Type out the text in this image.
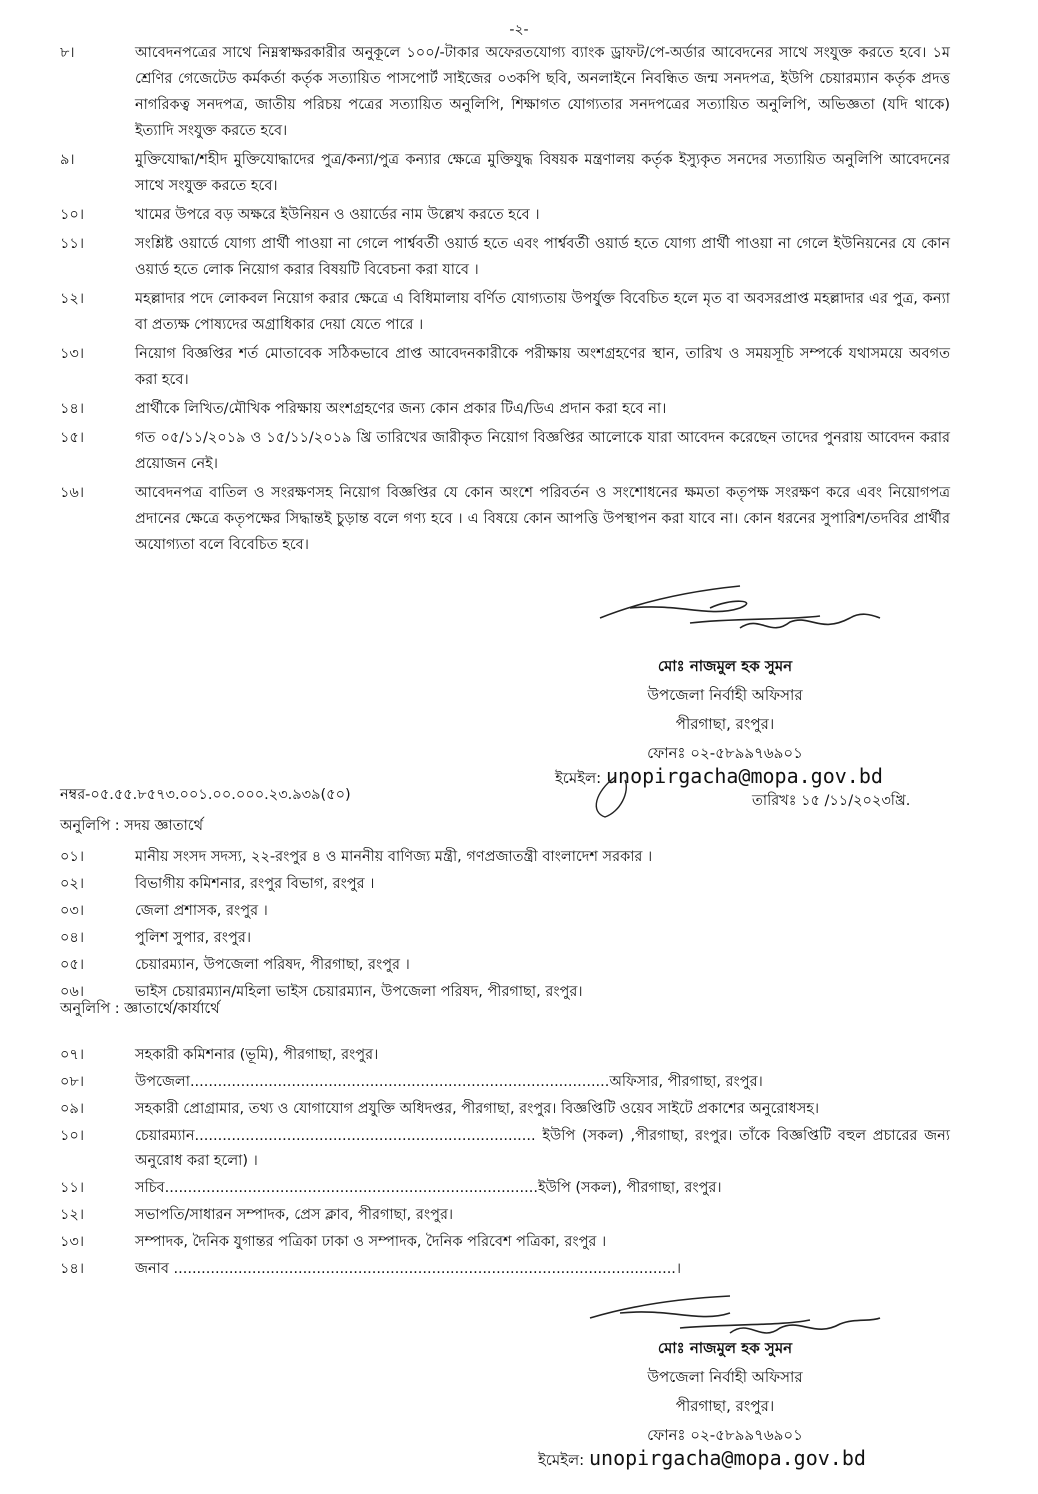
-২-
৮।	আবেদনপত্রের সাথে নিম্নস্বাক্ষরকারীর অনুকূলে ১০০/-টাকার অফেরতযোগ্য ব্যাংক ড্রাফট/পে-অর্ডার আবেদনের সাথে সংযুক্ত করতে হবে। ১ম শ্রেণির গেজেটেড কর্মকর্তা কর্তৃক সত্যায়িত পাসপোর্ট সাইজের ০৩কপি ছবি, অনলাইনে নিবন্ধিত জন্ম সনদপত্র, ইউপি চেয়ারম্যান কর্তৃক প্রদত্ত নাগরিকত্ব সনদপত্র, জাতীয় পরিচয় পত্রের সত্যায়িত অনুলিপি, শিক্ষাগত যোগ্যতার সনদপত্রের সত্যায়িত অনুলিপি, অভিজ্ঞতা (যদি থাকে) ইত্যাদি সংযুক্ত করতে হবে।
৯।	মুক্তিযোদ্ধা/শহীদ মুক্তিযোদ্ধাদের পুত্র/কন্যা/পুত্র কন্যার ক্ষেত্রে মুক্তিযুদ্ধ বিষয়ক মন্ত্রণালয় কর্তৃক ইস্যুকৃত সনদের সত্যায়িত অনুলিপি আবেদনের সাথে সংযুক্ত করতে হবে।
১০।	খামের উপরে বড় অক্ষরে ইউনিয়ন ও ওয়ার্ডের নাম উল্লেখ করতে হবে ।
১১।	সংশ্লিষ্ট ওয়ার্ডে যোগ্য প্রার্থী পাওয়া না গেলে পার্শ্ববর্তী ওয়ার্ড হতে এবং পার্শ্ববর্তী ওয়ার্ড হতে যোগ্য প্রার্থী পাওয়া না গেলে ইউনিয়নের যে কোন ওয়ার্ড হতে লোক নিয়োগ করার বিষয়টি বিবেচনা করা যাবে ।
১২।	মহল্লাদার পদে লোকবল নিয়োগ করার ক্ষেত্রে এ বিধিমালায় বর্ণিত যোগ্যতায় উপর্যুক্ত বিবেচিত হলে মৃত বা অবসরপ্রাপ্ত মহল্লাদার এর পুত্র, কন্যা বা প্রত্যক্ষ পোষ্যদের অগ্রাধিকার দেয়া যেতে পারে ।
১৩।	নিয়োগ বিজ্ঞপ্তির শর্ত মোতাবেক সঠিকভাবে প্রাপ্ত আবেদনকারীকে পরীক্ষায় অংশগ্রহণের স্থান, তারিখ ও সময়সূচি সম্পর্কে যথাসময়ে অবগত করা হবে।
১৪।	প্রার্থীকে লিখিত/মৌখিক পরিক্ষায় অংশগ্রহণের জন্য কোন প্রকার টিএ/ডিএ প্রদান করা হবে না।
১৫।	গত ০৫/১১/২০১৯ ও ১৫/১১/২০১৯ খ্রি তারিখের জারীকৃত নিয়োগ বিজ্ঞপ্তির আলোকে যারা আবেদন করেছেন তাদের পুনরায় আবেদন করার প্রয়োজন নেই।
১৬।	আবেদনপত্র বাতিল ও সংরক্ষণসহ নিয়োগ বিজ্ঞপ্তির যে কোন অংশে পরিবর্তন ও সংশোধনের ক্ষমতা কতৃপক্ষ সংরক্ষণ করে এবং নিয়োগপত্র প্রদানের ক্ষেত্রে কতৃপক্ষের সিদ্ধান্তই চুড়ান্ত বলে গণ্য হবে । এ বিষয়ে কোন আপত্তি উপস্থাপন করা যাবে না। কোন ধরনের সুপারিশ/তদবির প্রার্থীর অযোগ্যতা বলে বিবেচিত হবে।
মোঃ নাজমুল হক সুমন
উপজেলা নির্বাহী অফিসার
পীরগাছা, রংপুর।
ফোনঃ ০২-৫৮৯৯৭৬৯০১
ইমেইল: unopirgacha@mopa.gov.bd
নম্বর-০৫.৫৫.৮৫৭৩.০০১.০০.০০০.২৩.৯৩৯(৫০)	তারিখঃ ১৫ /১১/২০২৩খ্রি.
অনুলিপি : সদয় জ্ঞাতার্থে
০১।	মানীয় সংসদ সদস্য, ২২-রংপুর ৪ ও মাননীয় বাণিজ্য মন্ত্রী, গণপ্রজাতন্ত্রী বাংলাদেশ সরকার ।
০২।	বিভাগীয় কমিশনার, রংপুর বিভাগ, রংপুর ।
০৩।	জেলা প্রশাসক, রংপুর ।
০৪।	পুলিশ সুপার, রংপুর।
০৫।	চেয়ারম্যান, উপজেলা পরিষদ, পীরগাছা, রংপুর ।
০৬।	ভাইস চেয়ারম্যান/মহিলা ভাইস চেয়ারম্যান, উপজেলা পরিষদ, পীরগাছা, রংপুর।
অনুলিপি : জ্ঞাতার্থে/কার্যার্থে
০৭।	সহকারী কমিশনার (ভূমি), পীরগাছা, রংপুর।
০৮।	উপজেলা...........................................................................................অফিসার, পীরগাছা, রংপুর।
০৯।	সহকারী প্রোগ্রামার, তথ্য ও যোগাযোগ প্রযুক্তি অধিদপ্তর, পীরগাছা, রংপুর। বিজ্ঞপ্তিটি ওয়েব সাইটে প্রকাশের অনুরোধসহ।
১০।	চেয়ারম্যান.......................................................................... ইউপি (সকল) ,পীরগাছা, রংপুর। তাঁকে বিজ্ঞপ্তিটি বহুল প্রচারের জন্য অনুরোধ করা হলো) ।
১১।	সচিব.................................................................................ইউপি (সকল), পীরগাছা, রংপুর।
১২।	সভাপতি/সাধারন সম্পাদক, প্রেস ক্লাব, পীরগাছা, রংপুর।
১৩।	সম্পাদক, দৈনিক যুগান্তর পত্রিকা ঢাকা ও সম্পাদক, দৈনিক পরিবেশ পত্রিকা, রংপুর ।
১৪।	জনাব .............................................................................................................।
মোঃ নাজমুল হক সুমন
উপজেলা নির্বাহী অফিসার
পীরগাছা, রংপুর।
ফোনঃ ০২-৫৮৯৯৭৬৯০১
ইমেইল: unopirgacha@mopa.gov.bd
